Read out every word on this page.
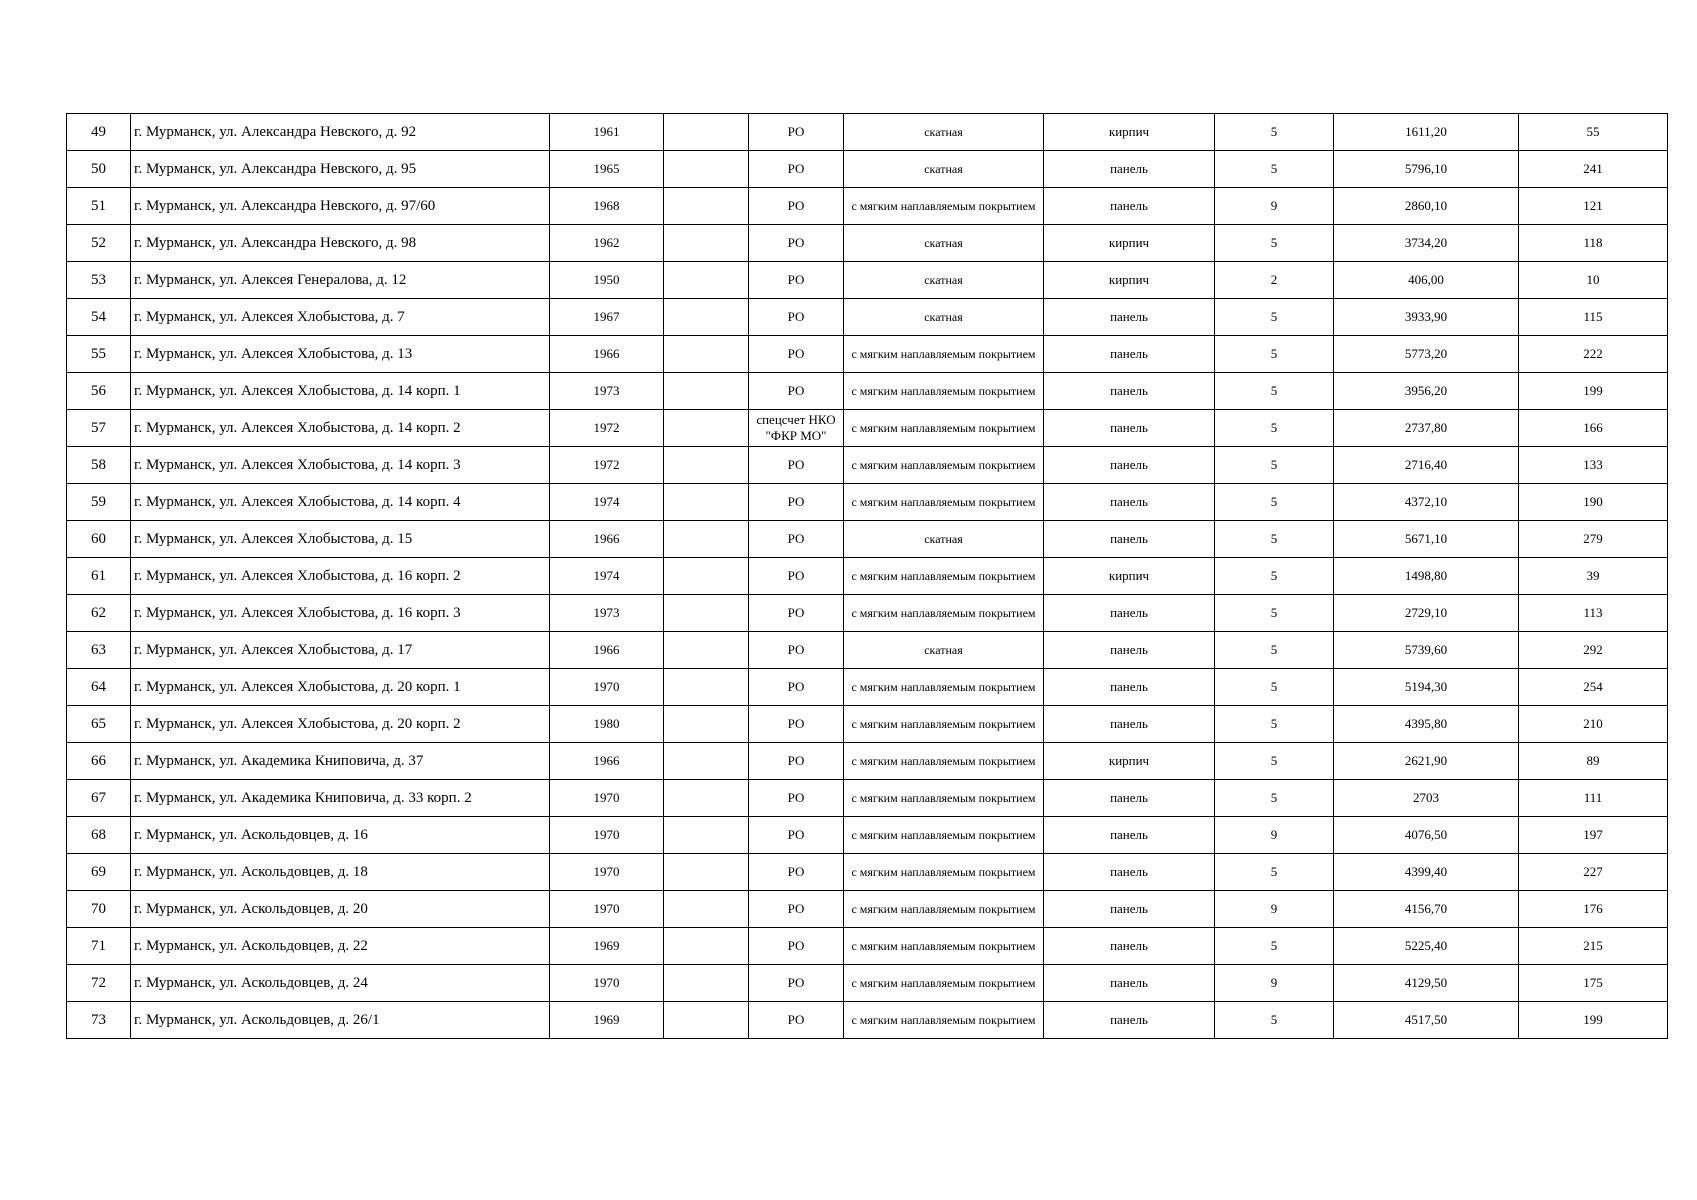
49	г. Мурманск, ул. Александра Невского, д. 92	1961		РО	скатная	кирпич	5	1611,20	55
50	г. Мурманск, ул. Александра Невского, д. 95	1965		РО	скатная	панель	5	5796,10	241
51	г. Мурманск, ул. Александра Невского, д. 97/60	1968		РО	с мягким наплавляемым покрытием	панель	9	2860,10	121
52	г. Мурманск, ул. Александра Невского, д. 98	1962		РО	скатная	кирпич	5	3734,20	118
53	г. Мурманск, ул. Алексея Генералова, д. 12	1950		РО	скатная	кирпич	2	406,00	10
54	г. Мурманск, ул. Алексея Хлобыстова, д. 7	1967		РО	скатная	панель	5	3933,90	115
55	г. Мурманск, ул. Алексея Хлобыстова, д. 13	1966		РО	с мягким наплавляемым покрытием	панель	5	5773,20	222
56	г. Мурманск, ул. Алексея Хлобыстова, д. 14 корп. 1	1973		РО	с мягким наплавляемым покрытием	панель	5	3956,20	199
57	г. Мурманск, ул. Алексея Хлобыстова, д. 14 корп. 2	1972		спецсчет НКО "ФКР МО"	с мягким наплавляемым покрытием	панель	5	2737,80	166
58	г. Мурманск, ул. Алексея Хлобыстова, д. 14 корп. 3	1972		РО	с мягким наплавляемым покрытием	панель	5	2716,40	133
59	г. Мурманск, ул. Алексея Хлобыстова, д. 14 корп. 4	1974		РО	с мягким наплавляемым покрытием	панель	5	4372,10	190
60	г. Мурманск, ул. Алексея Хлобыстова, д. 15	1966		РО	скатная	панель	5	5671,10	279
61	г. Мурманск, ул. Алексея Хлобыстова, д. 16 корп. 2	1974		РО	с мягким наплавляемым покрытием	кирпич	5	1498,80	39
62	г. Мурманск, ул. Алексея Хлобыстова, д. 16 корп. 3	1973		РО	с мягким наплавляемым покрытием	панель	5	2729,10	113
63	г. Мурманск, ул. Алексея Хлобыстова, д. 17	1966		РО	скатная	панель	5	5739,60	292
64	г. Мурманск, ул. Алексея Хлобыстова, д. 20 корп. 1	1970		РО	с мягким наплавляемым покрытием	панель	5	5194,30	254
65	г. Мурманск, ул. Алексея Хлобыстова, д. 20 корп. 2	1980		РО	с мягким наплавляемым покрытием	панель	5	4395,80	210
66	г. Мурманск, ул. Академика Книповича, д. 37	1966		РО	с мягким наплавляемым покрытием	кирпич	5	2621,90	89
67	г. Мурманск, ул. Академика Книповича, д. 33 корп. 2	1970		РО	с мягким наплавляемым покрытием	панель	5	2703	111
68	г. Мурманск, ул. Аскольдовцев, д. 16	1970		РО	с мягким наплавляемым покрытием	панель	9	4076,50	197
69	г. Мурманск, ул. Аскольдовцев, д. 18	1970		РО	с мягким наплавляемым покрытием	панель	5	4399,40	227
70	г. Мурманск, ул. Аскольдовцев, д. 20	1970		РО	с мягким наплавляемым покрытием	панель	9	4156,70	176
71	г. Мурманск, ул. Аскольдовцев, д. 22	1969		РО	с мягким наплавляемым покрытием	панель	5	5225,40	215
72	г. Мурманск, ул. Аскольдовцев, д. 24	1970		РО	с мягким наплавляемым покрытием	панель	9	4129,50	175
73	г. Мурманск, ул. Аскольдовцев, д. 26/1	1969		РО	с мягким наплавляемым покрытием	панель	5	4517,50	199
